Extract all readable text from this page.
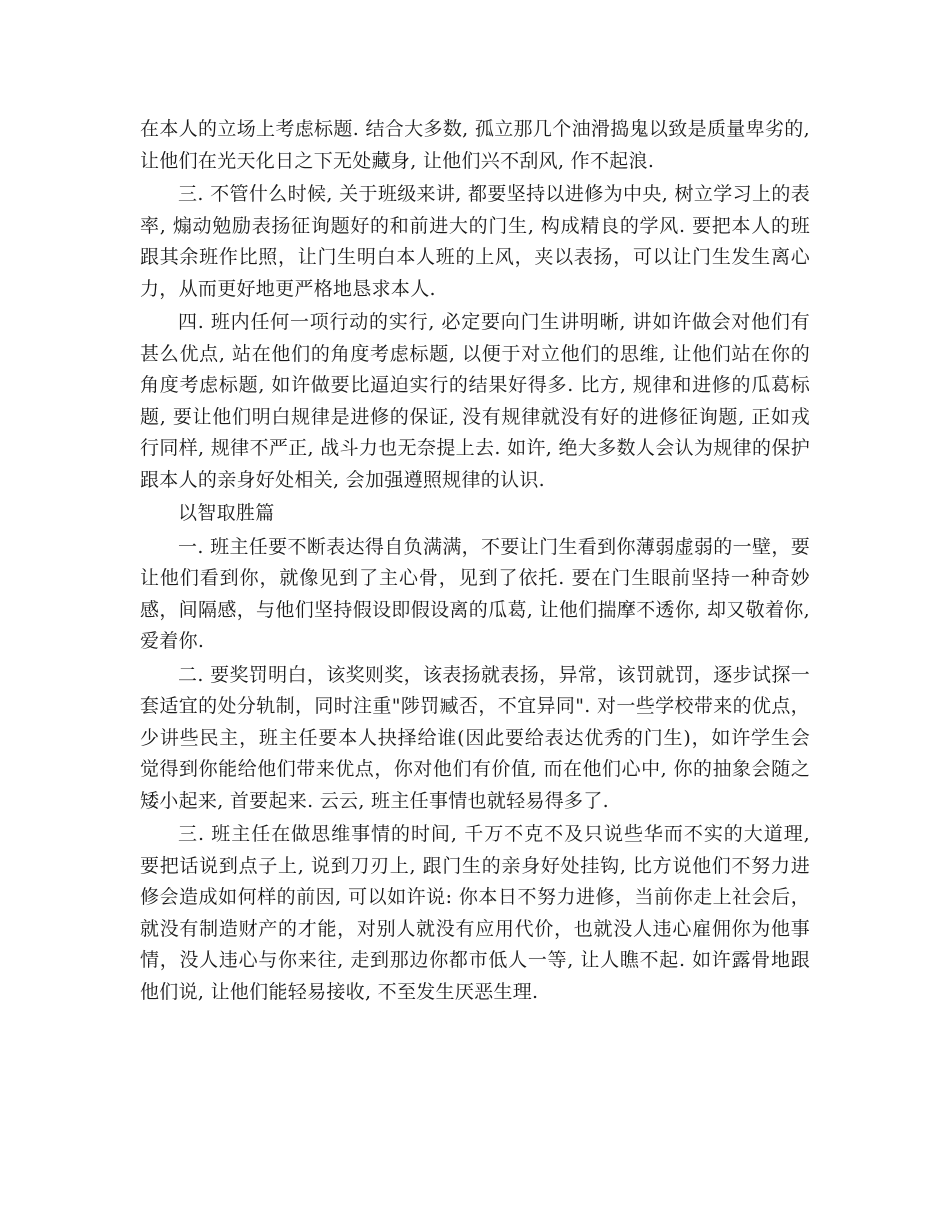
在本人的立场上考虑标题. 结合大多数, 孤立那几个油滑捣鬼以致是质量卑劣的, 让他们在光天化日之下无处藏身, 让他们兴不刮风, 作不起浪.

三. 不管什么时候, 关于班级来讲, 都要坚持以进修为中央, 树立学习上的表率, 煽动勉励表扬征询题好的和前进大的门生, 构成精良的学风. 要把本人的班跟其余班作比照，让门生明白本人班的上风，夹以表扬，可以让门生发生离心力，从而更好地更严格地恳求本人.

四. 班内任何一项行动的实行, 必定要向门生讲明晰, 讲如许做会对他们有甚么优点, 站在他们的角度考虑标题, 以便于对立他们的思维, 让他们站在你的角度考虑标题, 如许做要比逼迫实行的结果好得多. 比方, 规律和进修的瓜葛标题, 要让他们明白规律是进修的保证, 没有规律就没有好的进修征询题, 正如戎行同样, 规律不严正, 战斗力也无奈提上去. 如许, 绝大多数人会认为规律的保护跟本人的亲身好处相关, 会加强遵照规律的认识.

以智取胜篇

一. 班主任要不断表达得自负满满，不要让门生看到你薄弱虚弱的一壁，要让他们看到你，就像见到了主心骨，见到了依托. 要在门生眼前坚持一种奇妙感，间隔感，与他们坚持假设即假设离的瓜葛, 让他们揣摩不透你, 却又敬着你, 爱着你.

二. 要奖罚明白，该奖则奖，该表扬就表扬，异常，该罚就罚，逐步试探一套适宜的处分轨制，同时注重"陟罚臧否，不宜异同". 对一些学校带来的优点，少讲些民主，班主任要本人抉择给谁(因此要给表达优秀的门生)，如许学生会觉得到你能给他们带来优点，你对他们有价值, 而在他们心中, 你的抽象会随之矮小起来, 首要起来. 云云, 班主任事情也就轻易得多了.

三. 班主任在做思维事情的时间, 千万不克不及只说些华而不实的大道理, 要把话说到点子上, 说到刀刃上, 跟门生的亲身好处挂钩, 比方说他们不努力进修会造成如何样的前因, 可以如许说: 你本日不努力进修，当前你走上社会后，就没有制造财产的才能，对别人就没有应用代价，也就没人违心雇佣你为他事情，没人违心与你来往, 走到那边你都市低人一等, 让人瞧不起. 如许露骨地跟他们说, 让他们能轻易接收, 不至发生厌恶生理.
